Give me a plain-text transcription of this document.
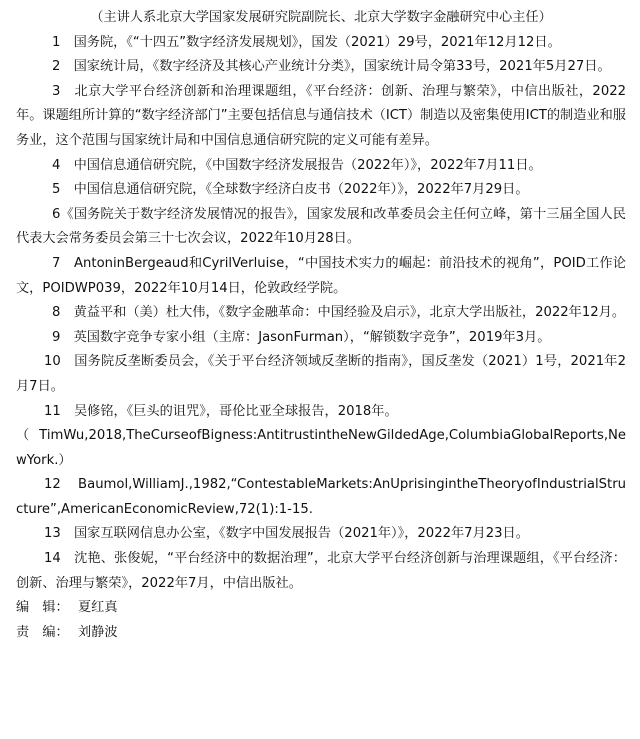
（主讲人系北京大学国家发展研究院副院长、北京大学数字金融研究中心主任）

1　国务院，《“十四五”数字经济发展规划》，国发（2021）29号，2021年12月12日。

2　国家统计局，《数字经济及其核心产业统计分类》，国家统计局令第33号，2021年5月27日。

3　北京大学平台经济创新和治理课题组，《平台经济：创新、治理与繁荣》，中信出版社，2022年。课题组所计算的“数字经济部门”主要包括信息与通信技术（ICT）制造以及密集使用ICT的制造业和服务业，这个范围与国家统计局和中国信息通信研究院的定义可能有差异。

4　中国信息通信研究院，《中国数字经济发展报告（2022年）》，2022年7月11日。

5　中国信息通信研究院，《全球数字经济白皮书（2022年）》，2022年7月29日。

6《国务院关于数字经济发展情况的报告》，国家发展和改革委员会主任何立峰，第十三届全国人民代表大会常务委员会第三十七次会议，2022年10月28日。

7　AntoninBergeaud和CyrilVerluise，“中国技术实力的崛起：前沿技术的视角”，POID工作论文，POIDWP039，2022年10月14日，伦敦政经学院。

8　黄益平和（美）杜大伟，《数字金融革命：中国经验及启示》，北京大学出版社，2022年12月。

9　英国数字竞争专家小组（主席：JasonFurman），“解锁数字竞争”，2019年3月。

10　国务院反垄断委员会，《关于平台经济领域反垄断的指南》，国反垄发（2021）1号，2021年2月7日。

11　吴修铭，《巨头的诅咒》，哥伦比亚全球报告，2018年。

（TimWu,2018,TheCurseofBigness:AntitrustintheNewGildedAge,ColumbiaGlobalReports,NewYork.）

12　Baumol,WilliamJ.,1982,“ContestableMarkets:AnUprisingintheTheoryofIndustrialStructure”,AmericanEconomicReview,72(1):1-15.

13　国家互联网信息办公室，《数字中国发展报告（2021年）》，2022年7月23日。

14　沈艳、张俊妮，“平台经济中的数据治理”，北京大学平台经济创新与治理课题组，《平台经济：创新、治理与繁荣》，2022年7月，中信出版社。

编　辑： 夏红真

责　编： 刘静波
